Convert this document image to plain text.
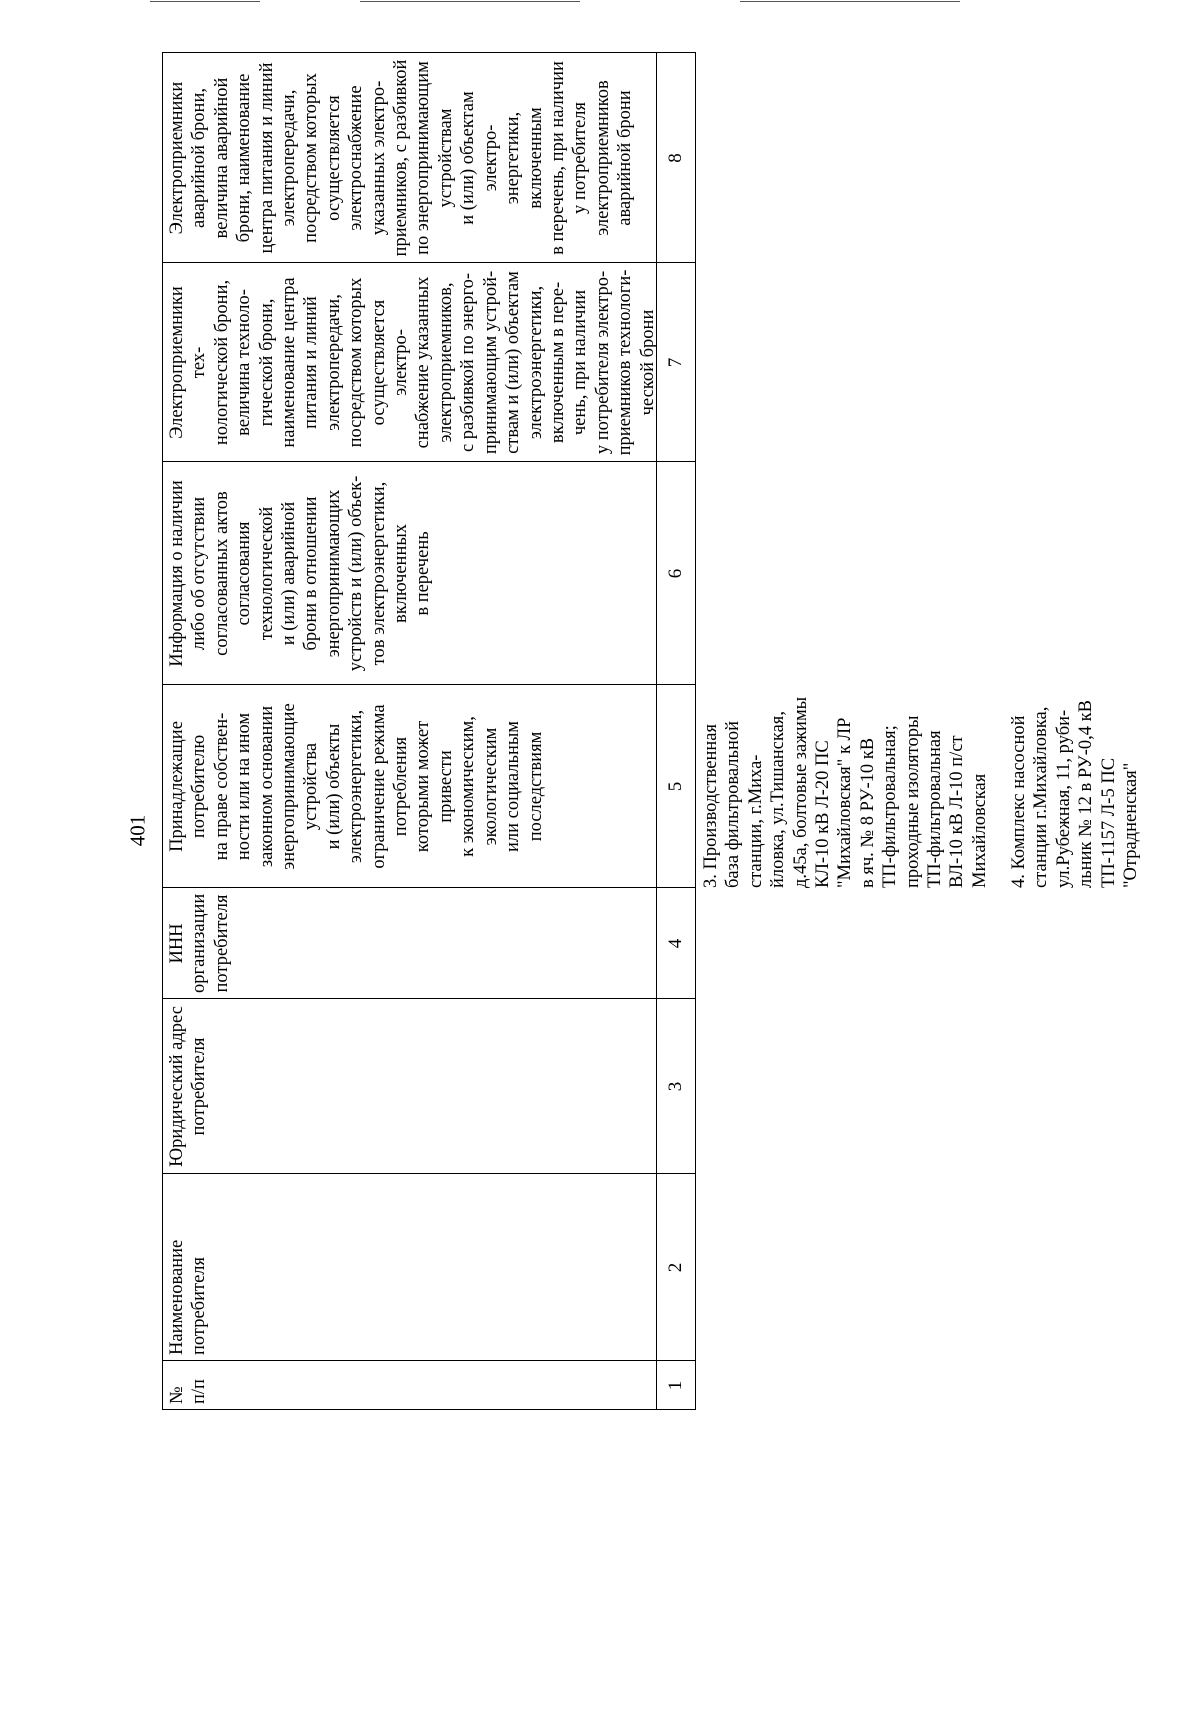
401
№
п/п
Наименование
потребителя
Юридический адрес
потребителя
ИНН
организации
потребителя
Принадлежащие
потребителю
на праве собствен-
ности или на ином
законном основании
энергопринимающие
устройства
и (или) объекты
электроэнергетики,
ограничение режима
потребления
которыми может
привести
к экономическим,
экологическим
или социальным
последствиям
Информация о наличии
либо об отсутствии
согласованных актов
согласования
технологической
и (или) аварийной
брони в отношении
энергопринимающих
устройств и (или) объек-
тов электроэнергетики,
включенных
в перечень
Электроприемники тех-
нологической брони,
величина техноло-
гической брони,
наименование центра
питания и линий
электропередачи,
посредством которых
осуществляется электро-
снабжение указанных
электроприемников,
с разбивкой по энерго-
принимающим устрой-
ствам и (или) объектам
электроэнергетики,
включенным в пере-
чень, при наличии
у потребителя электро-
приемников технологи-
ческой брони
Электроприемники
аварийной брони,
величина аварийной
брони, наименование
центра питания и линий
электропередачи,
посредством которых
осуществляется
электроснабжение
указанных электро-
приемников, с разбивкой
по энергопринимающим
устройствам
и (или) объектам электро-
энергетики, включенным
в перечень, при наличии
у потребителя
электроприемников
аварийной брони
1
2
3
4
5
6
7
8
3. Производственная
база фильтровальной
станции, г.Миха-
йловка, ул.Тишанская,
д.45а, болтовые зажимы
КЛ-10 кВ Л-20 ПС
"Михайловская" к ЛР
в яч. № 8 РУ-10 кВ
ТП-фильтровальная;
проходные изоляторы
ТП-фильтровальная
ВЛ-10 кВ Л-10 п/ст
Михайловская 4. Комплекс насосной
станции г.Михайловка,
ул.Рубежная, 11, руби-
льник № 12 в РУ-0,4 кВ
ТП-1157 Л-5 ПС
"Отрадненская"
